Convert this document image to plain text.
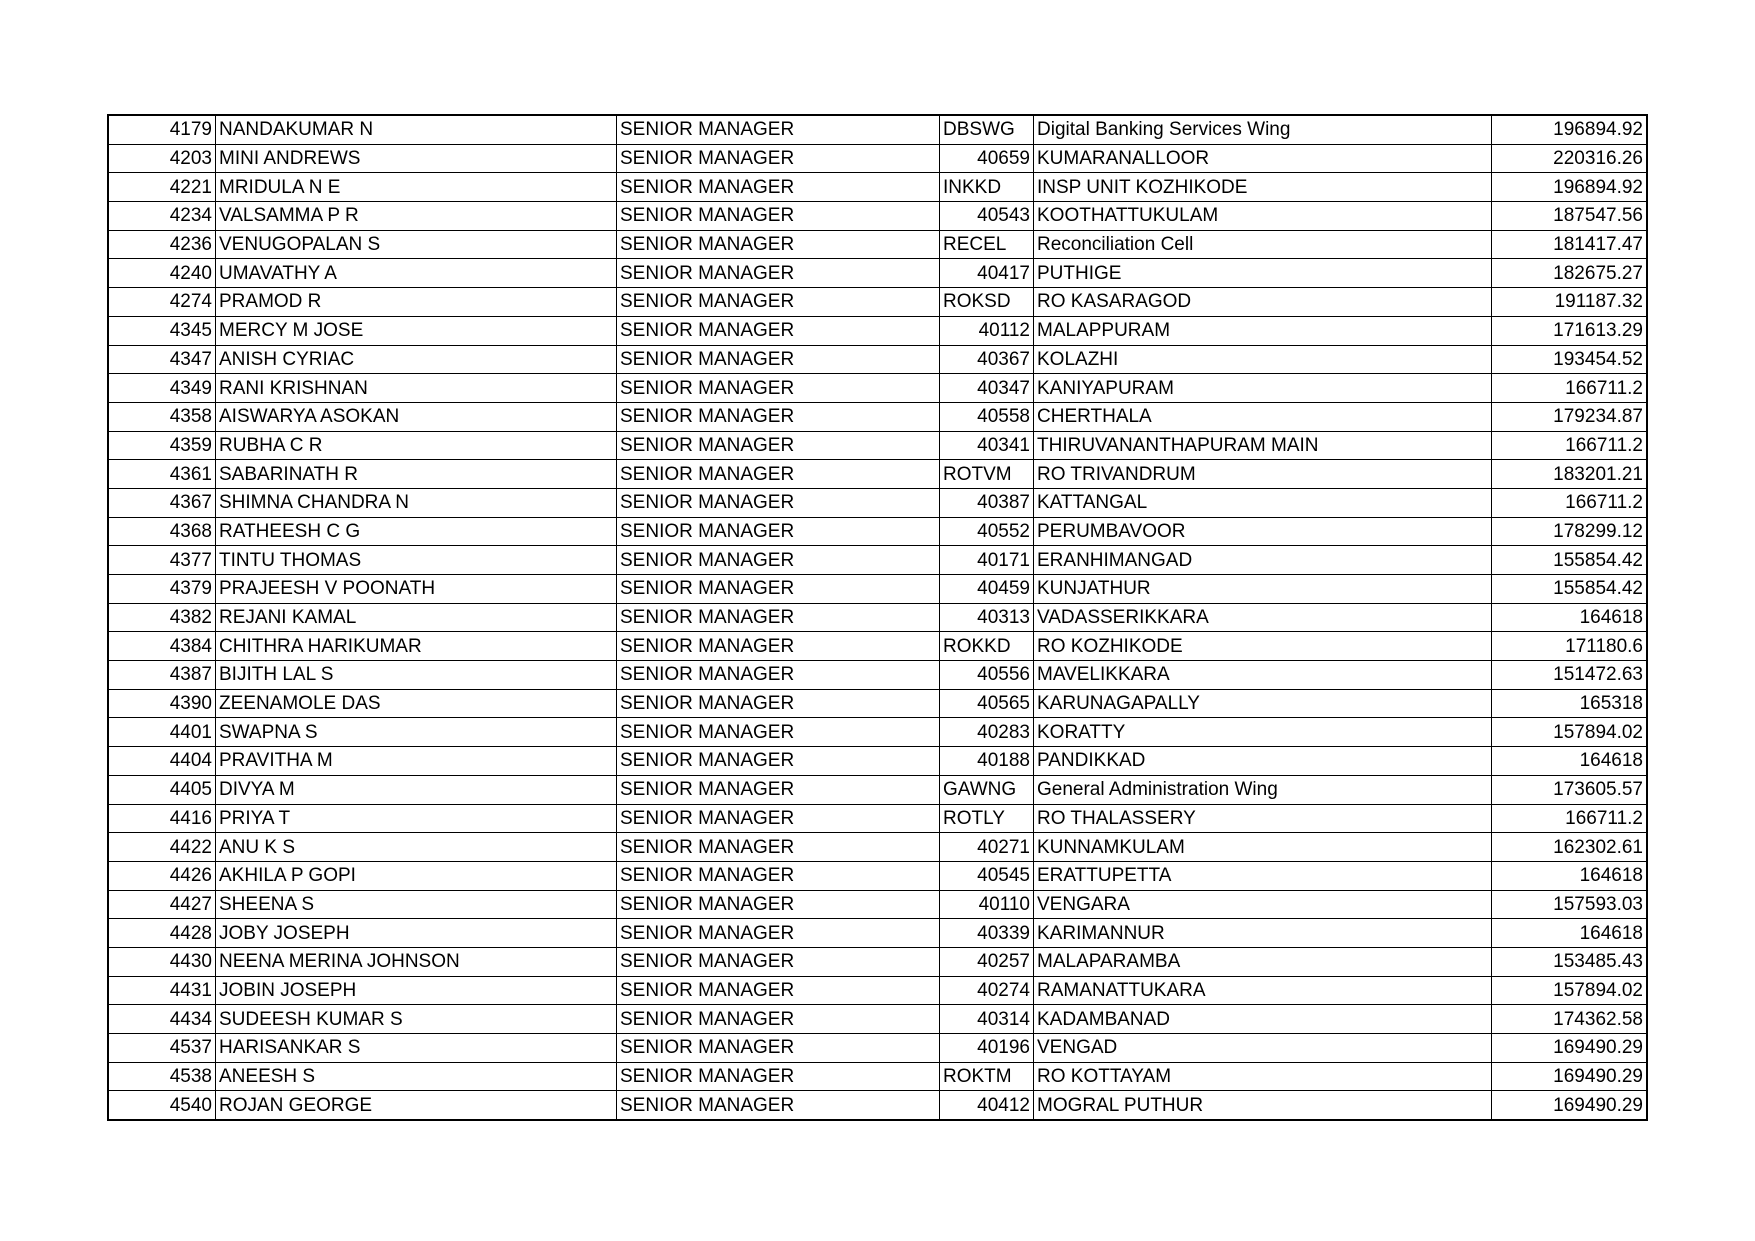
4179	NANDAKUMAR N	SENIOR MANAGER	DBSWG	Digital Banking Services Wing	196894.92
4203	MINI ANDREWS	SENIOR MANAGER	40659	KUMARANALLOOR	220316.26
4221	MRIDULA N E	SENIOR MANAGER	INKKD	INSP UNIT KOZHIKODE	196894.92
4234	VALSAMMA P R	SENIOR MANAGER	40543	KOOTHATTUKULAM	187547.56
4236	VENUGOPALAN S	SENIOR MANAGER	RECEL	Reconciliation Cell	181417.47
4240	UMAVATHY A	SENIOR MANAGER	40417	PUTHIGE	182675.27
4274	PRAMOD R	SENIOR MANAGER	ROKSD	RO KASARAGOD	191187.32
4345	MERCY M JOSE	SENIOR MANAGER	40112	MALAPPURAM	171613.29
4347	ANISH CYRIAC	SENIOR MANAGER	40367	KOLAZHI	193454.52
4349	RANI KRISHNAN	SENIOR MANAGER	40347	KANIYAPURAM	166711.2
4358	AISWARYA ASOKAN	SENIOR MANAGER	40558	CHERTHALA	179234.87
4359	RUBHA C R	SENIOR MANAGER	40341	THIRUVANANTHAPURAM MAIN	166711.2
4361	SABARINATH R	SENIOR MANAGER	ROTVM	RO TRIVANDRUM	183201.21
4367	SHIMNA CHANDRA N	SENIOR MANAGER	40387	KATTANGAL	166711.2
4368	RATHEESH C G	SENIOR MANAGER	40552	PERUMBAVOOR	178299.12
4377	TINTU THOMAS	SENIOR MANAGER	40171	ERANHIMANGAD	155854.42
4379	PRAJEESH V POONATH	SENIOR MANAGER	40459	KUNJATHUR	155854.42
4382	REJANI KAMAL	SENIOR MANAGER	40313	VADASSERIKKARA	164618
4384	CHITHRA HARIKUMAR	SENIOR MANAGER	ROKKD	RO KOZHIKODE	171180.6
4387	BIJITH LAL S	SENIOR MANAGER	40556	MAVELIKKARA	151472.63
4390	ZEENAMOLE DAS	SENIOR MANAGER	40565	KARUNAGAPALLY	165318
4401	SWAPNA S	SENIOR MANAGER	40283	KORATTY	157894.02
4404	PRAVITHA M	SENIOR MANAGER	40188	PANDIKKAD	164618
4405	DIVYA M	SENIOR MANAGER	GAWNG	General Administration Wing	173605.57
4416	PRIYA T	SENIOR MANAGER	ROTLY	RO THALASSERY	166711.2
4422	ANU K S	SENIOR MANAGER	40271	KUNNAMKULAM	162302.61
4426	AKHILA P GOPI	SENIOR MANAGER	40545	ERATTUPETTA	164618
4427	SHEENA S	SENIOR MANAGER	40110	VENGARA	157593.03
4428	JOBY JOSEPH	SENIOR MANAGER	40339	KARIMANNUR	164618
4430	NEENA MERINA JOHNSON	SENIOR MANAGER	40257	MALAPARAMBA	153485.43
4431	JOBIN JOSEPH	SENIOR MANAGER	40274	RAMANATTUKARA	157894.02
4434	SUDEESH KUMAR S	SENIOR MANAGER	40314	KADAMBANAD	174362.58
4537	HARISANKAR S	SENIOR MANAGER	40196	VENGAD	169490.29
4538	ANEESH S	SENIOR MANAGER	ROKTM	RO KOTTAYAM	169490.29
4540	ROJAN GEORGE	SENIOR MANAGER	40412	MOGRAL PUTHUR	169490.29
